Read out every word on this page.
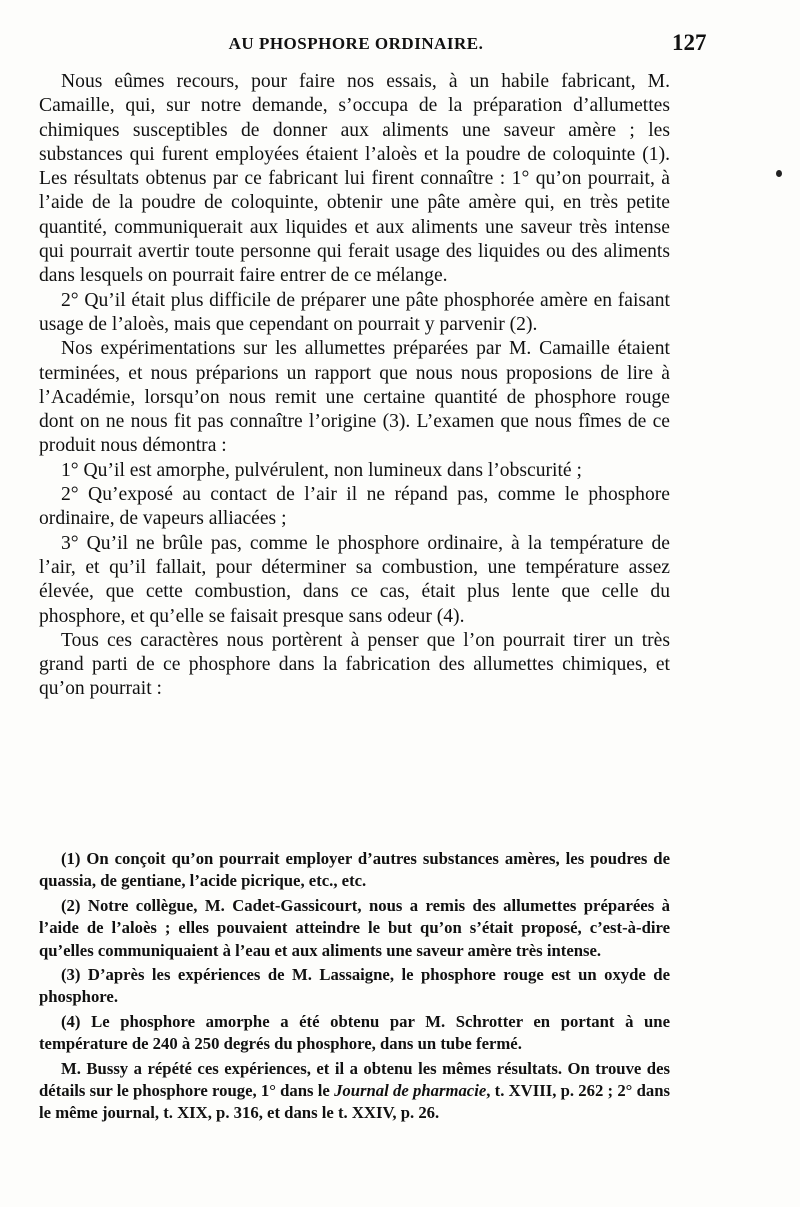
AU PHOSPHORE ORDINAIRE.	127

Nous eûmes recours, pour faire nos essais, à un habile fabricant, M. Camaille, qui, sur notre demande, s’occupa de la préparation d’allumettes chimiques susceptibles de donner aux aliments une saveur amère ; les substances qui furent employées étaient l’aloès et la poudre de coloquinte (1). Les résultats obtenus par ce fabricant lui firent connaître : 1° qu’on pourrait, à l’aide de la poudre de coloquinte, obtenir une pâte amère qui, en très petite quantité, communiquerait aux liquides et aux aliments une saveur très intense qui pourrait avertir toute personne qui ferait usage des liquides ou des aliments dans lesquels on pourrait faire entrer de ce mélange.

2° Qu’il était plus difficile de préparer une pâte phosphorée amère en faisant usage de l’aloès, mais que cependant on pourrait y parvenir (2).

Nos expérimentations sur les allumettes préparées par M. Camaille étaient terminées, et nous préparions un rapport que nous nous proposions de lire à l’Académie, lorsqu’on nous remit une certaine quantité de phosphore rouge dont on ne nous fit pas connaître l’origine (3). L’examen que nous fîmes de ce produit nous démontra :

1° Qu’il est amorphe, pulvérulent, non lumineux dans l’obscurité ;

2° Qu’exposé au contact de l’air il ne répand pas, comme le phosphore ordinaire, de vapeurs alliacées ;

3° Qu’il ne brûle pas, comme le phosphore ordinaire, à la température de l’air, et qu’il fallait, pour déterminer sa combustion, une température assez élevée, que cette combustion, dans ce cas, était plus lente que celle du phosphore, et qu’elle se faisait presque sans odeur (4).

Tous ces caractères nous portèrent à penser que l’on pourrait tirer un très grand parti de ce phosphore dans la fabrication des allumettes chimiques, et qu’on pourrait :

(1) On conçoit qu’on pourrait employer d’autres substances amères, les poudres de quassia, de gentiane, l’acide picrique, etc., etc.

(2) Notre collègue, M. Cadet-Gassicourt, nous a remis des allumettes préparées à l’aide de l’aloès ; elles pouvaient atteindre le but qu’on s’était proposé, c’est-à-dire qu’elles communiquaient à l’eau et aux aliments une saveur amère très intense.

(3) D’après les expériences de M. Lassaigne, le phosphore rouge est un oxyde de phosphore.

(4) Le phosphore amorphe a été obtenu par M. Schrotter en portant à une température de 240 à 250 degrés du phosphore, dans un tube fermé.

M. Bussy a répété ces expériences, et il a obtenu les mêmes résultats. On trouve des détails sur le phosphore rouge, 1° dans le Journal de pharmacie, t. XVIII, p. 262 ; 2° dans le même journal, t. XIX, p. 316, et dans le t. XXIV, p. 26.
